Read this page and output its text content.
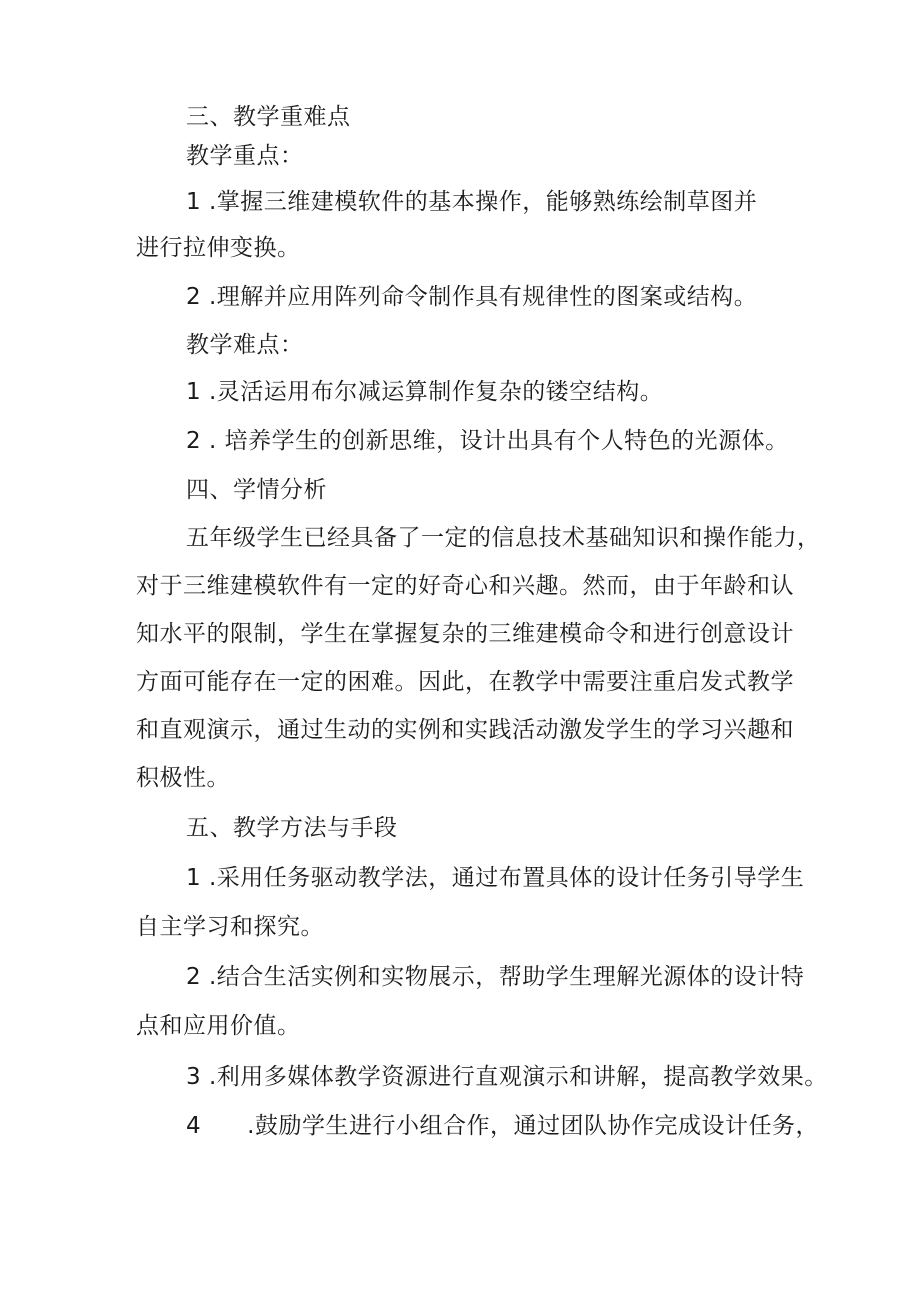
三、教学重难点
教学重点：
1 .掌握三维建模软件的基本操作，能够熟练绘制草图并
进行拉伸变换。
2 .理解并应用阵列命令制作具有规律性的图案或结构。
教学难点：
1 .灵活运用布尔减运算制作复杂的镂空结构。
2 . 培养学生的创新思维，设计出具有个人特色的光源体。
四、学情分析
五年级学生已经具备了一定的信息技术基础知识和操作能力，
对于三维建模软件有一定的好奇心和兴趣。然而，由于年龄和认
知水平的限制，学生在掌握复杂的三维建模命令和进行创意设计
方面可能存在一定的困难。因此，在教学中需要注重启发式教学
和直观演示，通过生动的实例和实践活动激发学生的学习兴趣和
积极性。
五、教学方法与手段
1 .采用任务驱动教学法，通过布置具体的设计任务引导学生
自主学习和探究。
2 .结合生活实例和实物展示，帮助学生理解光源体的设计特
点和应用价值。
3 .利用多媒体教学资源进行直观演示和讲解，提高教学效果。
4 .鼓励学生进行小组合作，通过团队协作完成设计任务，
